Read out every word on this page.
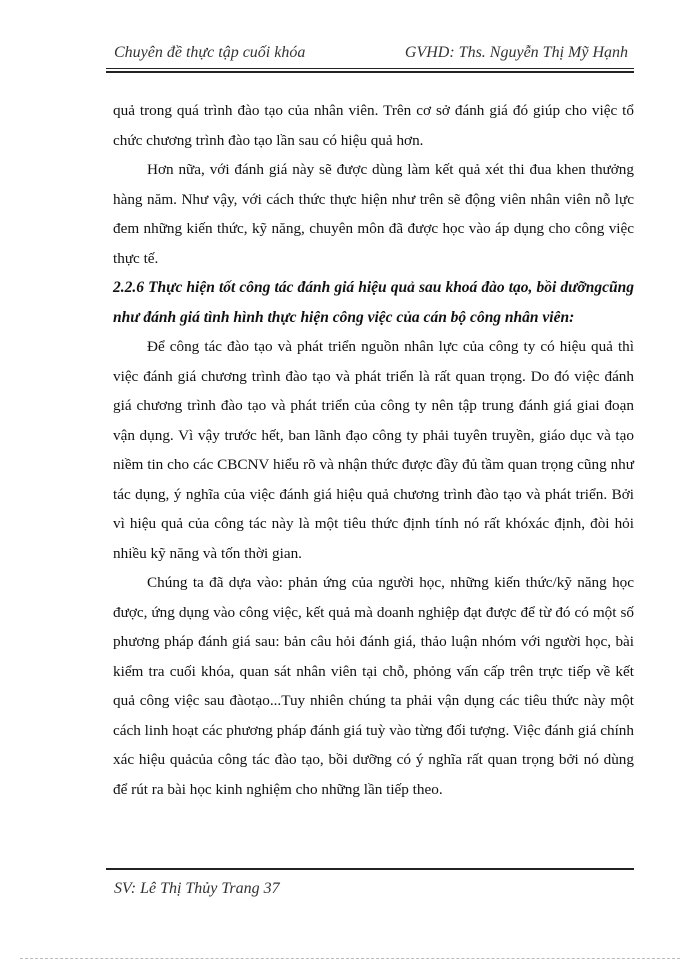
Chuyên đề thực tập cuối khóa	GVHD: Ths. Nguyễn Thị Mỹ Hạnh

quả trong quá trình đào tạo của nhân viên. Trên cơ sở đánh giá đó giúp cho việc tổ chức chương trình đào tạo lần sau có hiệu quả hơn.

Hơn nữa, với đánh giá này sẽ được dùng làm kết quả xét thi đua khen thưởng hàng năm. Như vậy, với cách thức thực hiện như trên sẽ động viên nhân viên nỗ lực đem những kiến thức, kỹ năng, chuyên môn đã được học vào áp dụng cho công việc thực tế.

2.2.6 Thực hiện tốt công tác đánh giá hiệu quả sau khoá đào tạo, bồi dưỡngcũng như đánh giá tình hình thực hiện công việc của cán bộ công nhân viên:

Để công tác đào tạo và phát triển nguồn nhân lực của công ty có hiệu quả thì việc đánh giá chương trình đào tạo và phát triển là rất quan trọng. Do đó việc đánh giá chương trình đào tạo và phát triển của công ty nên tập trung đánh giá giai đoạn vận dụng. Vì vậy trước hết, ban lãnh đạo công ty phải tuyên truyền, giáo dục và tạo niềm tin cho các CBCNV hiểu rõ và nhận thức được đầy đủ tầm quan trọng cũng như tác dụng, ý nghĩa của việc đánh giá hiệu quả chương trình đào tạo và phát triển. Bởi vì hiệu quả của công tác này là một tiêu thức định tính nó rất khóxác định, đòi hỏi nhiều kỹ năng và tốn thời gian.

Chúng ta đã dựa vào: phản ứng của người học, những kiến thức/kỹ năng học được, ứng dụng vào công việc, kết quả mà doanh nghiệp đạt được để từ đó có một số phương pháp đánh giá sau: bản câu hỏi đánh giá, thảo luận nhóm với người học, bài kiểm tra cuối khóa, quan sát nhân viên tại chỗ, phỏng vấn cấp trên trực tiếp về kết quả công việc sau đàotạo...Tuy nhiên chúng ta phải vận dụng các tiêu thức này một cách linh hoạt các phương pháp đánh giá tuỳ vào từng đối tượng. Việc đánh giá chính xác hiệu quảcủa công tác đào tạo, bồi dưỡng có ý nghĩa rất quan trọng bởi nó dùng để rút ra bài học kinh nghiệm cho những lần tiếp theo.

SV: Lê Thị Thủy Trang 37
